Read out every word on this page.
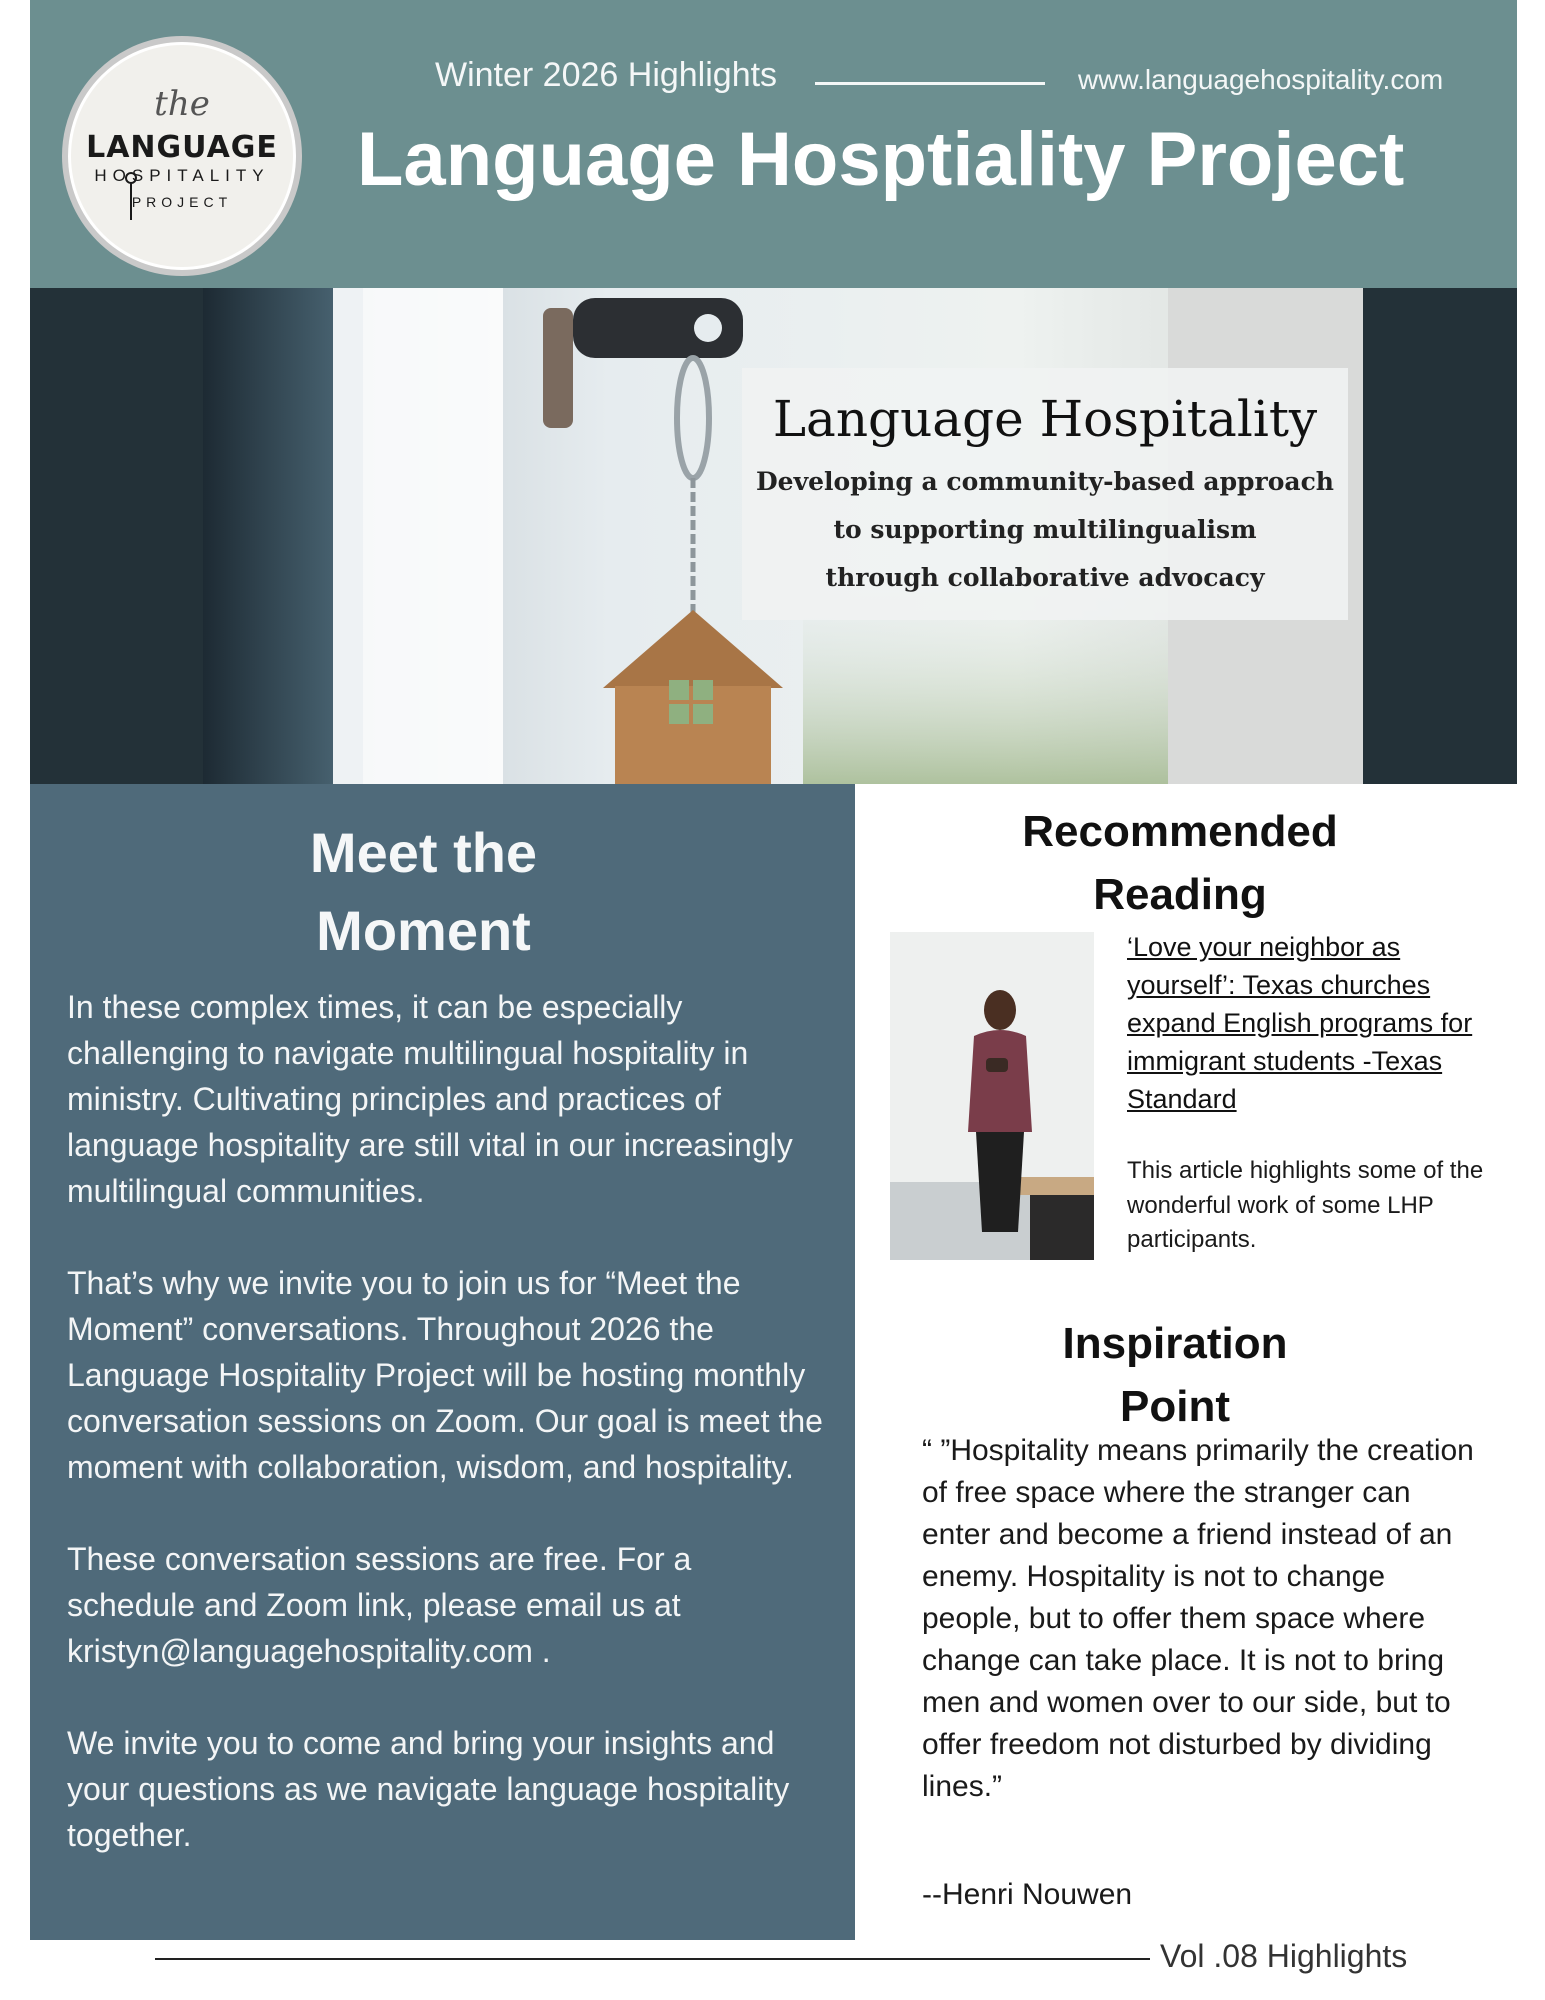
the
LANGUAGE
HOSPITALITY
PROJECT
Winter 2026 Highlights	www.languagehospitality.com
Language Hosptiality Project
Language Hospitality
Developing a community-based approach
to supporting multilingualism
through collaborative advocacy
Meet the
Moment

In these complex times, it can be especially challenging to navigate multilingual hospitality in ministry. Cultivating principles and practices of language hospitality are still vital in our increasingly multilingual communities.

That’s why we invite you to join us for “Meet the Moment” conversations. Throughout 2026 the Language Hospitality Project will be hosting monthly conversation sessions on Zoom. Our goal is meet the moment with collaboration, wisdom, and hospitality.

These conversation sessions are free. For a schedule and Zoom link, please email us at kristyn@languagehospitality.com .

We invite you to come and bring your insights and your questions as we navigate language hospitality together.

Recommended
Reading
‘Love your neighbor as yourself’: Texas churches expand English programs for immigrant students -Texas Standard
This article highlights some of the wonderful work of some LHP participants.
Inspiration
Point
“ ”Hospitality means primarily the creation of free space where the stranger can enter and become a friend instead of an enemy. Hospitality is not to change people, but to offer them space where change can take place. It is not to bring men and women over to our side, but to offer freedom not disturbed by dividing lines.”
--Henri Nouwen
Vol .08 Highlights
